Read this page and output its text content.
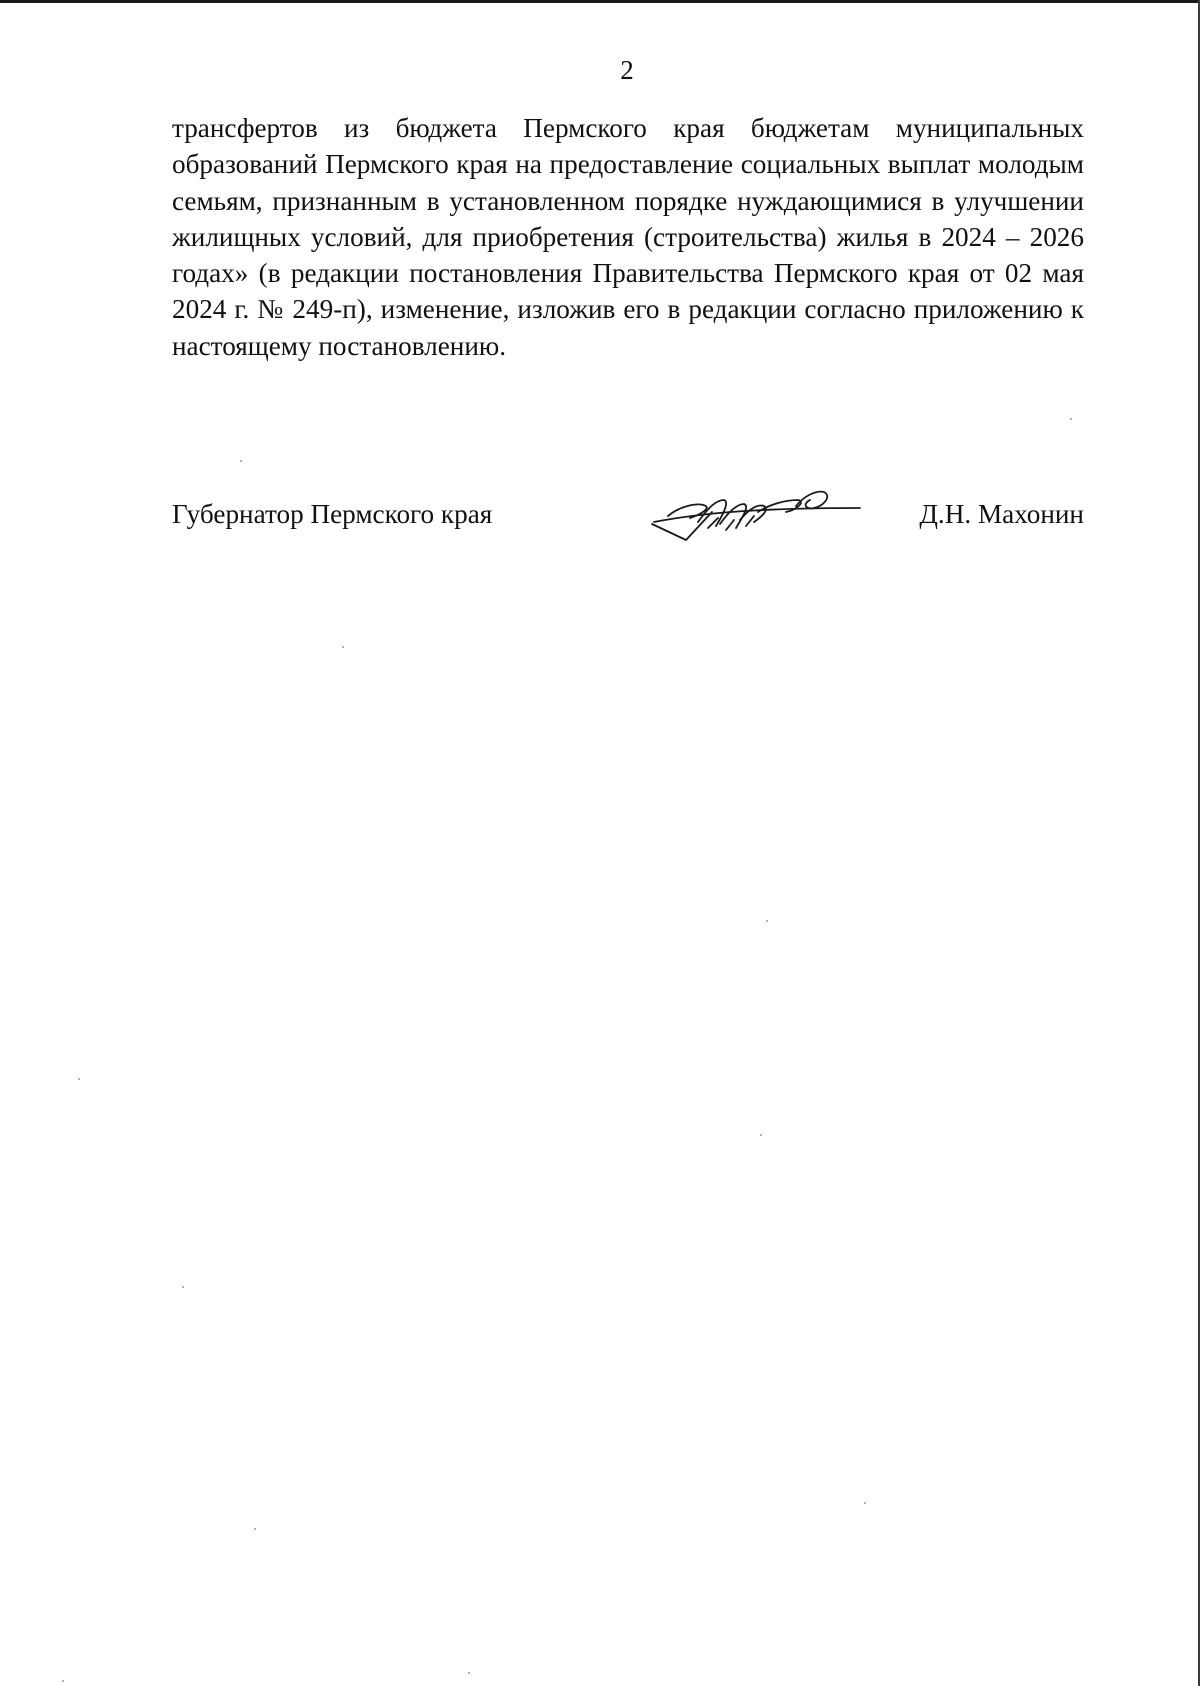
2

трансфертов из бюджета Пермского края бюджетам муниципальных образований Пермского края на предоставление социальных выплат молодым семьям, признанным в установленном порядке нуждающимися в улучшении жилищных условий, для приобретения (строительства) жилья в 2024 – 2026 годах» (в редакции постановления Правительства Пермского края от 02 мая 2024 г. № 249-п), изменение, изложив его в редакции согласно приложению к настоящему постановлению.

Губернатор Пермского края	Д.Н. Махонин
